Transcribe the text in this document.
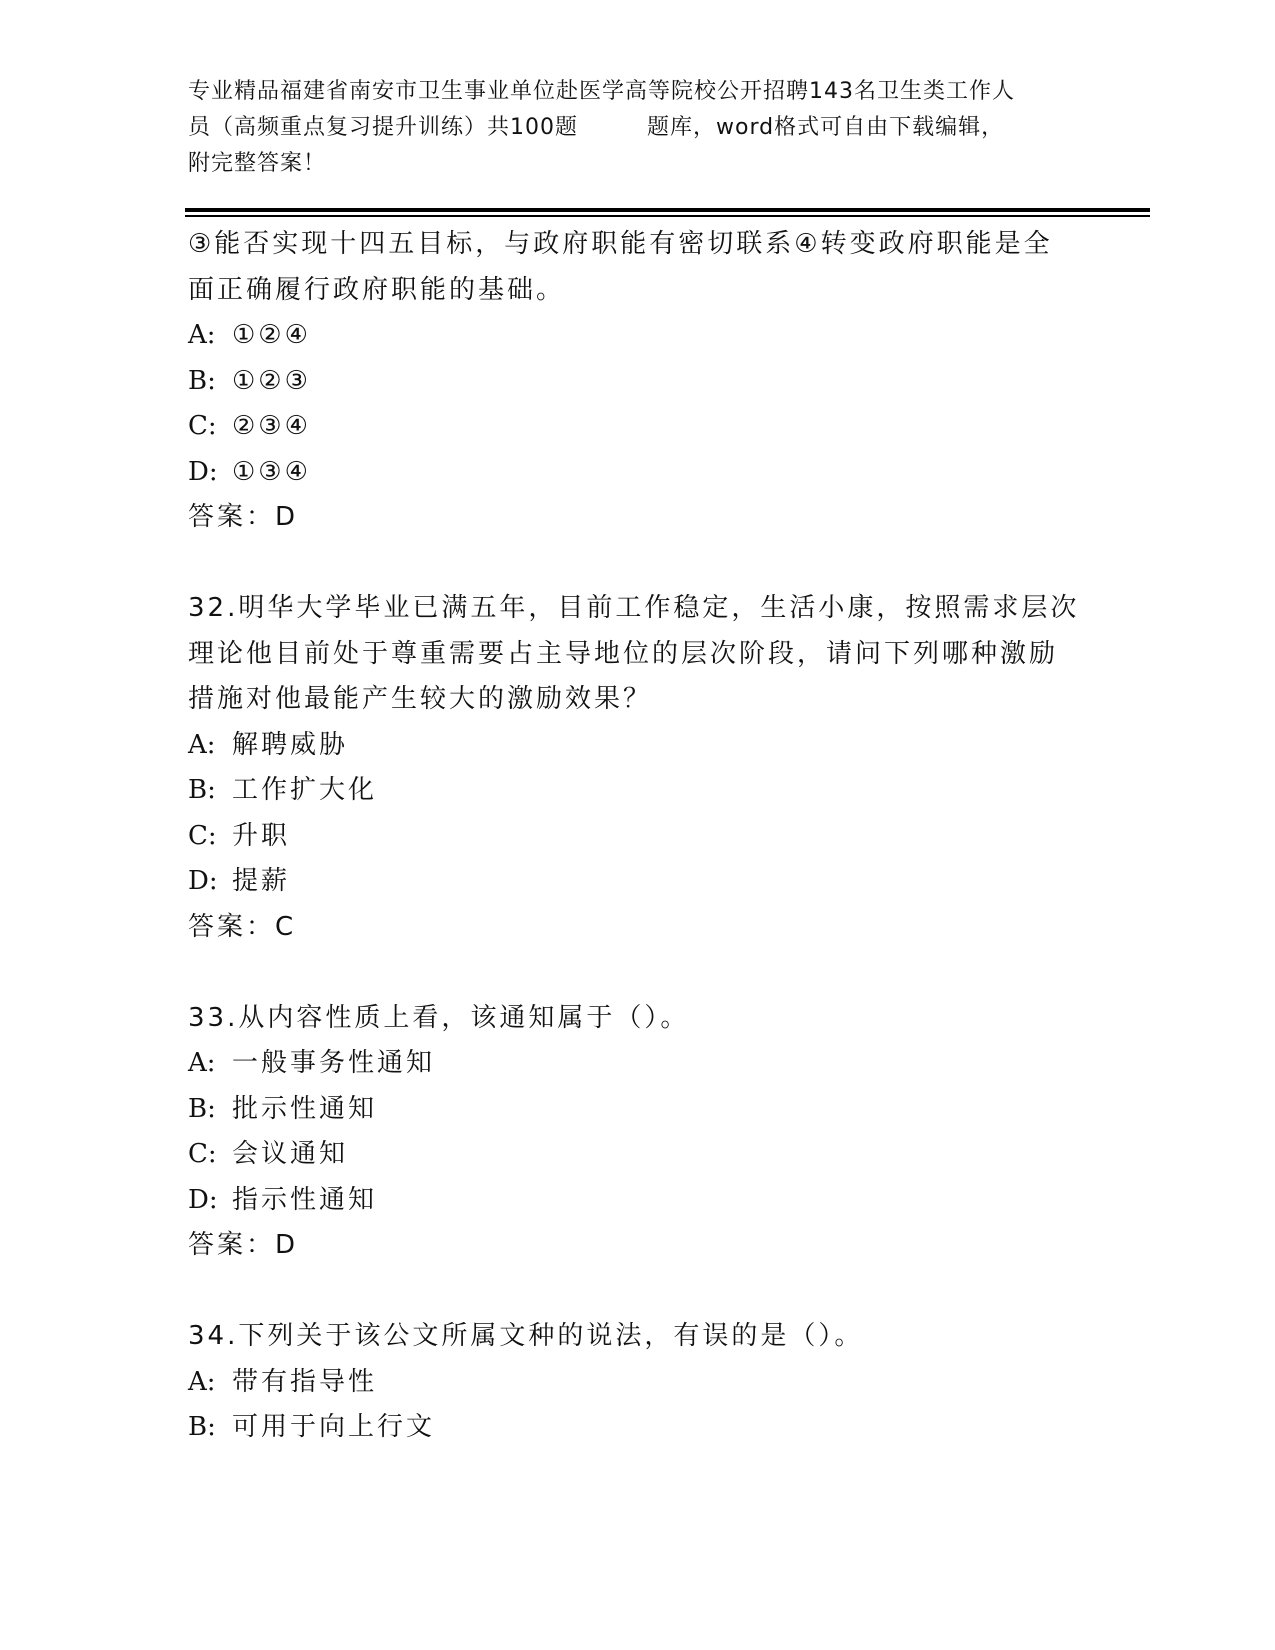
专业精品福建省南安市卫生事业单位赴医学高等院校公开招聘143名卫生类工作人
员（高频重点复习提升训练）共100题　　　题库，word格式可自由下载编辑，
附完整答案！
③能否实现十四五目标，与政府职能有密切联系④转变政府职能是全
面正确履行政府职能的基础。
A: ①②④
B: ①②③
C: ②③④
D: ①③④
答案：D
32.明华大学毕业已满五年，目前工作稳定，生活小康，按照需求层次
理论他目前处于尊重需要占主导地位的层次阶段，请问下列哪种激励
措施对他最能产生较大的激励效果？
A: 解聘威胁
B: 工作扩大化
C: 升职
D: 提薪
答案：C
33.从内容性质上看，该通知属于（）。
A: 一般事务性通知
B: 批示性通知
C: 会议通知
D: 指示性通知
答案：D
34.下列关于该公文所属文种的说法，有误的是（）。
A: 带有指导性
B: 可用于向上行文
